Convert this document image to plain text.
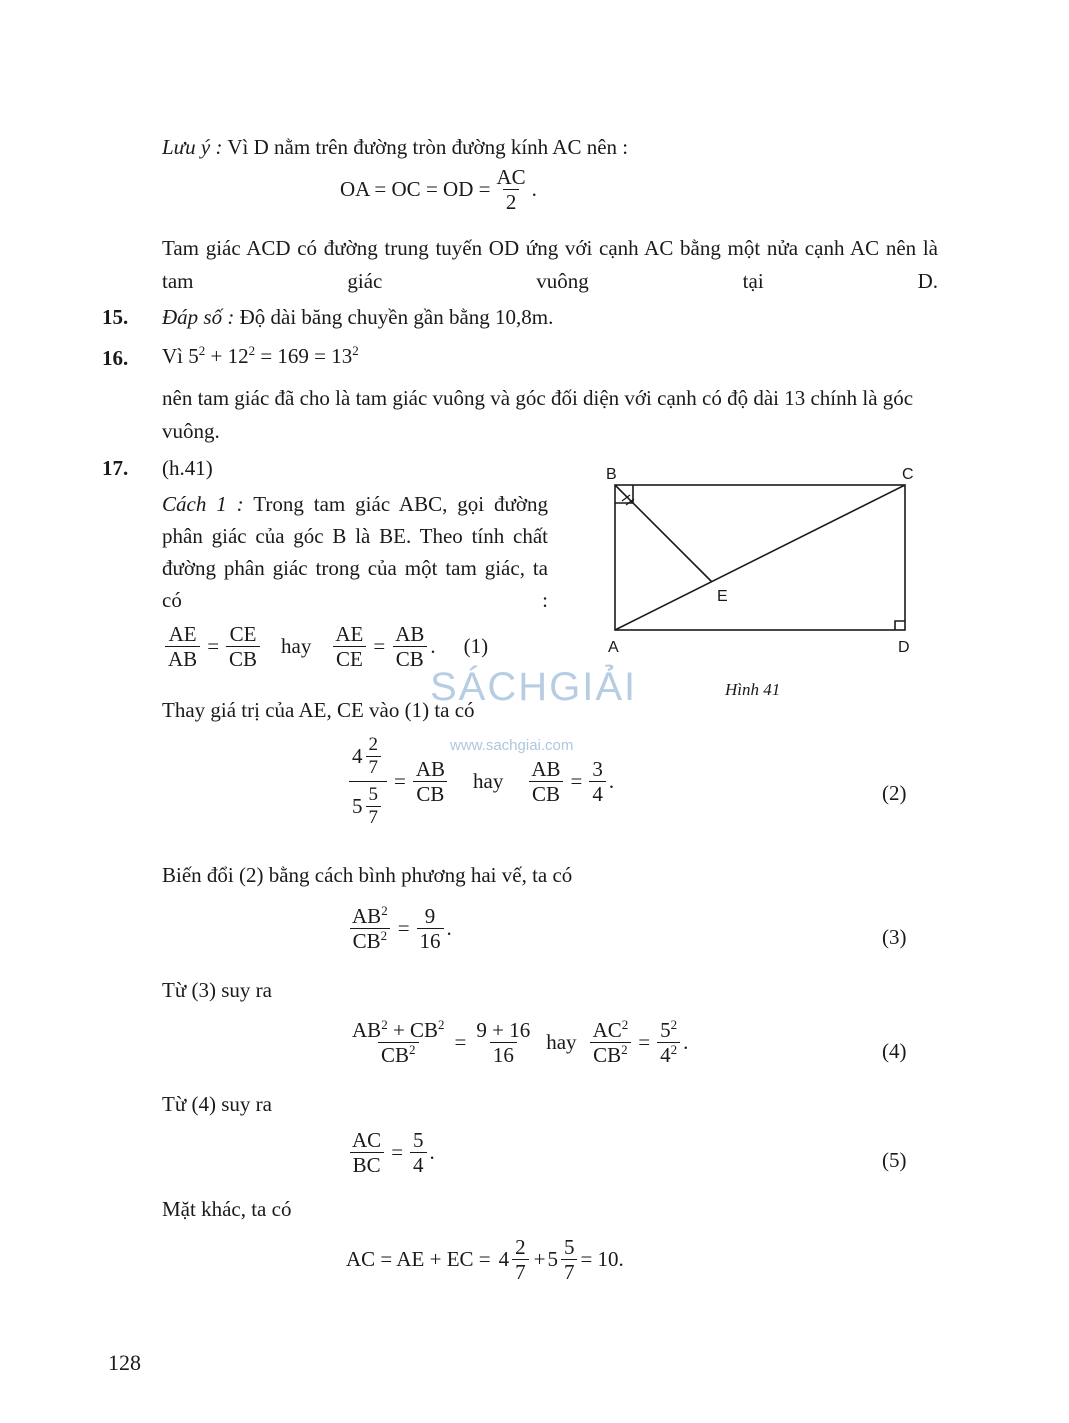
Lưu ý : Vì D nằm trên đường tròn đường kính AC nên :
OA = OC = OD = $\frac{AC}{2}$ .
Tam giác ACD có đường trung tuyến OD ứng với cạnh AC bằng một nửa cạnh AC nên là tam giác vuông tại D.
15. Đáp số : Độ dài băng chuyền gần bằng 10,8m.
16. Vì $5^2 + 12^2 = 169 = 13^2$
nên tam giác đã cho là tam giác vuông và góc đối diện với cạnh có độ dài 13 chính là góc vuông.
17. (h.41)
Cách 1 : Trong tam giác ABC, gọi đường phân giác của góc B là BE. Theo tính chất đường phân giác trong của một tam giác, ta có :
$\frac{AE}{AB} = \frac{CE}{CB}$ hay $\frac{AE}{CE} = \frac{AB}{CB}$ . (1)
Thay giá trị của AE, CE vào (1) ta có
$\frac{4 \frac{2}{7}}{5 \frac{5}{7}} = \frac{AB}{CB}$ hay $\frac{AB}{CB} = \frac{3}{4}$ .
(2)
Biến đổi (2) bằng cách bình phương hai vế, ta có
$\frac{AB^2}{CB^2} = \frac{9}{16}$ .	(3)
Từ (3) suy ra
$\frac{AB^2 + CB^2}{CB^2} = \frac{9 + 16}{16}$ hay $\frac{AC^2}{CB^2} = \frac{5^2}{4^2}$ .	(4)
Từ (4) suy ra
$\frac{AC}{BC} = \frac{5}{4}$ .	(5)
Mặt khác, ta có
AC = AE + EC = $4 \frac{2}{7} + 5 \frac{5}{7} = 10$.
B	C
A	D
E
Hình 41
SÁCHGIẢI
www.sachgiai.com
128
